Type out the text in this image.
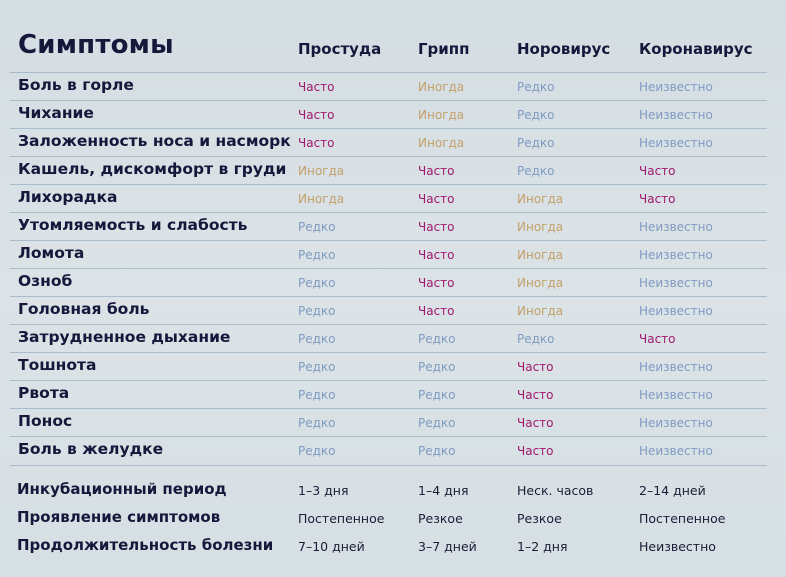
Симптомы	Простуда Грипп	Норовирус Коронавирус
Боль в горле	Часто	Иногда	Редко	Неизвестно
Чихание	Часто	Иногда	Редко	Неизвестно
Заложенность носа и насморк Часто	Иногда	Редко	Неизвестно
Кашель, дискомфорт в груди Иногда	Часто	Редко	Часто
Лихорадка	Иногда	Часто	Иногда	Часто
Утомляемость и слабость	Редко	Часто	Иногда	Неизвестно
Ломота	Редко	Часто	Иногда	Неизвестно
Озноб	Редко	Часто	Иногда	Неизвестно
Головная боль	Редко	Часто	Иногда	Неизвестно
Затрудненное дыхание	Редко	Редко	Редко	Часто
Тошнота	Редко	Редко	Часто	Неизвестно
Рвота	Редко	Редко	Часто	Неизвестно
Понос	Редко	Редко	Часто	Неизвестно
Боль в желудке	Редко	Редко	Часто	Неизвестно
Инкубационный период	1–3 дня	1–4 дня	Неск. часов	2–14 дней
Проявление симптомов	Постепенное	Резкое	Резкое	Постепенное
Продолжительность болезни 7–10 дней	3–7 дней	1–2 дня	Неизвестно
